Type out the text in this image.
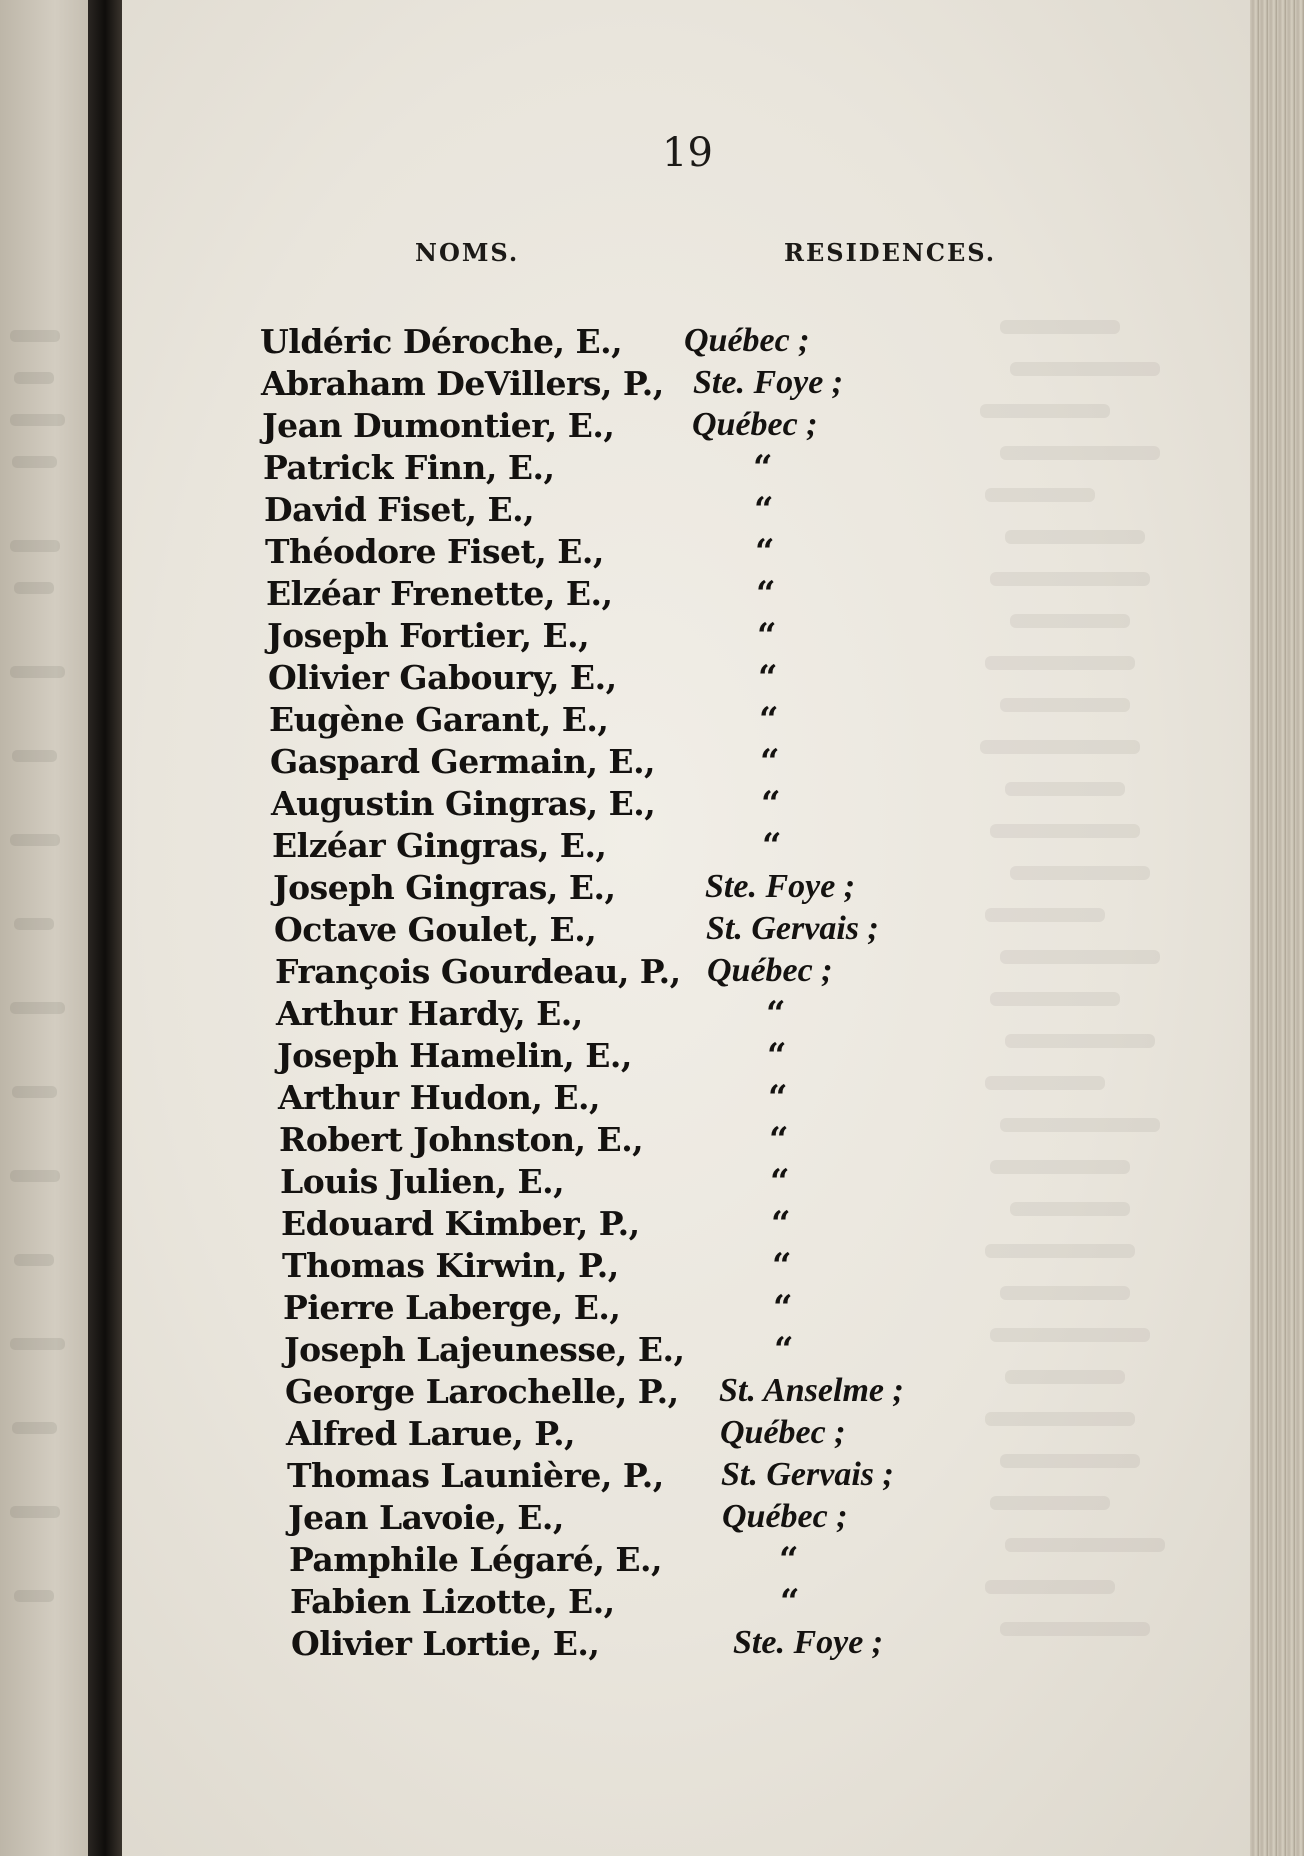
19
NOMS.	RESIDENCES.
Uldéric Déroche, E., Québec ;
Abraham DeVillers, P., Ste. Foye ;
Jean Dumontier, E., Québec ;
Patrick Finn, E.,	“
David Fiset, E.,	“
Théodore Fiset, E.,	“
Elzéar Frenette, E.,	“
Joseph Fortier, E.,	“
Olivier Gaboury, E.,	“
Eugène Garant, E.,	“
Gaspard Germain, E.,	“
Augustin Gingras, E.,	“
Elzéar Gingras, E.,	“
Joseph Gingras, E.,	Ste. Foye ;
Octave Goulet, E.,	St. Gervais ;
François Gourdeau, P., Québec ;
Arthur Hardy, E.,	“
Joseph Hamelin, E.,	“
Arthur Hudon, E.,	“
Robert Johnston, E.,	“
Louis Julien, E.,	“
Edouard Kimber, P.,	“
Thomas Kirwin, P.,	“
Pierre Laberge, E.,	“
Joseph Lajeunesse, E.,	“
George Larochelle, P., St. Anselme ;
Alfred Larue, P.,	Québec ;
Thomas Launière, P., St. Gervais ;
Jean Lavoie, E.,	Québec ;
Pamphile Légaré, E.,	“
Fabien Lizotte, E.,	“
Olivier Lortie, E.,	Ste. Foye ;
